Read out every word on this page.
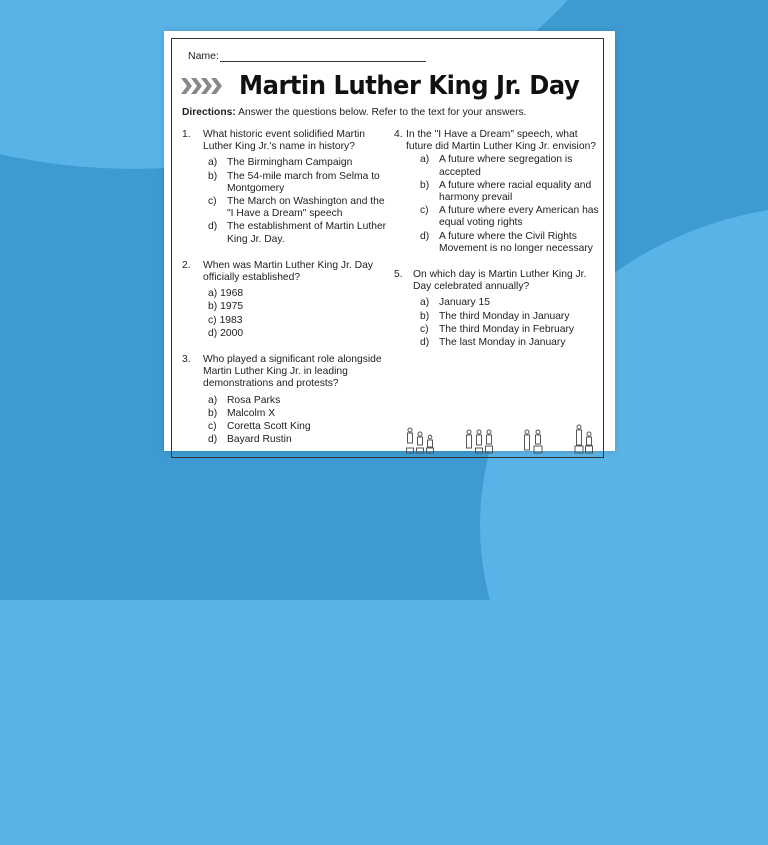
Name:
Martin Luther King Jr. Day
Directions: Answer the questions below. Refer to the text for your answers.
1.	What historic event solidified Martin Luther King Jr.'s name in history?
a) The Birmingham Campaign
b) The 54-mile march from Selma to Montgomery
c)	The March on Washington and the "I Have a Dream" speech
d) The establishment of Martin Luther King Jr. Day.
2.	When was Martin Luther King Jr. Day officially established?
a) 1968
b) 1975
c) 1983
d) 2000
3.	Who played a significant role alongside Martin Luther King Jr. in leading demonstrations and protests?
a) Rosa Parks
b) Malcolm X
c)	Coretta Scott King
d) Bayard Rustin
4. In the "I Have a Dream" speech, what future did Martin Luther King Jr. envision?
a) A future where segregation is accepted
b) A future where racial equality and harmony prevail
c)	A future where every American has equal voting rights
d) A future where the Civil Rights Movement is no longer necessary
5.	On which day is Martin Luther King Jr. Day celebrated annually?
a) January 15
b) The third Monday in January
c)	The third Monday in February
d) The last Monday in January
